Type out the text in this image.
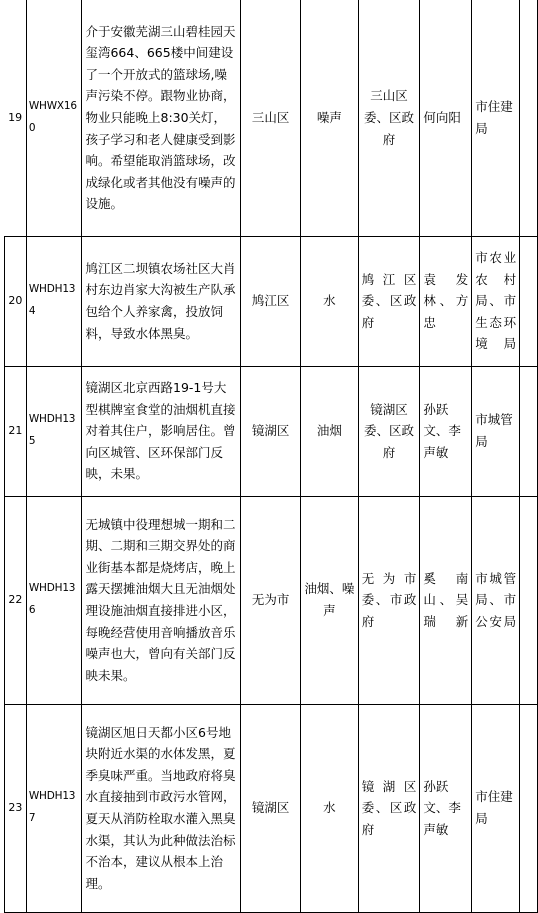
19	WHWX160	介于安徽芜湖三山碧桂园天玺湾664、665楼中间建设了一个开放式的篮球场,噪声污染不停。跟物业协商，物业只能晚上8:30关灯，孩子学习和老人健康受到影响。希望能取消篮球场，改成绿化或者其他没有噪声的设施。	三山区	噪声	三山区委、区政府	何向阳	市住建局	
20	WHDH134	鸠江区二坝镇农场社区大肖村东边肖家大沟被生产队承包给个人养家禽，投放饲料，导致水体黑臭。	鸠江区	水	鸠江区委、区政府	袁发林、方忠	市农业农村局、市生态环境局	
21	WHDH135	镜湖区北京西路19-1号大型棋牌室食堂的油烟机直接对着其住户，影响居住。曾向区城管、区环保部门反映，未果。	镜湖区	油烟	镜湖区委、区政府	孙跃文、李声敏	市城管局	
22	WHDH136	无城镇中役理想城一期和二期、二期和三期交界处的商业街基本都是烧烤店，晚上露天摆摊油烟大且无油烟处理设施油烟直接排进小区，每晚经营使用音响播放音乐噪声也大，曾向有关部门反映未果。	无为市	油烟、噪声	无为市委、市政府	奚南山、吴瑞新	市城管局、市公安局	
23	WHDH137	镜湖区旭日天都小区6号地块附近水渠的水体发黑，夏季臭味严重。当地政府将臭水直接抽到市政污水管网，夏天从消防栓取水灌入黑臭水渠，其认为此种做法治标不治本，建议从根本上治理。	镜湖区	水	镜湖区委、区政府	孙跃文、李声敏	市住建局	
